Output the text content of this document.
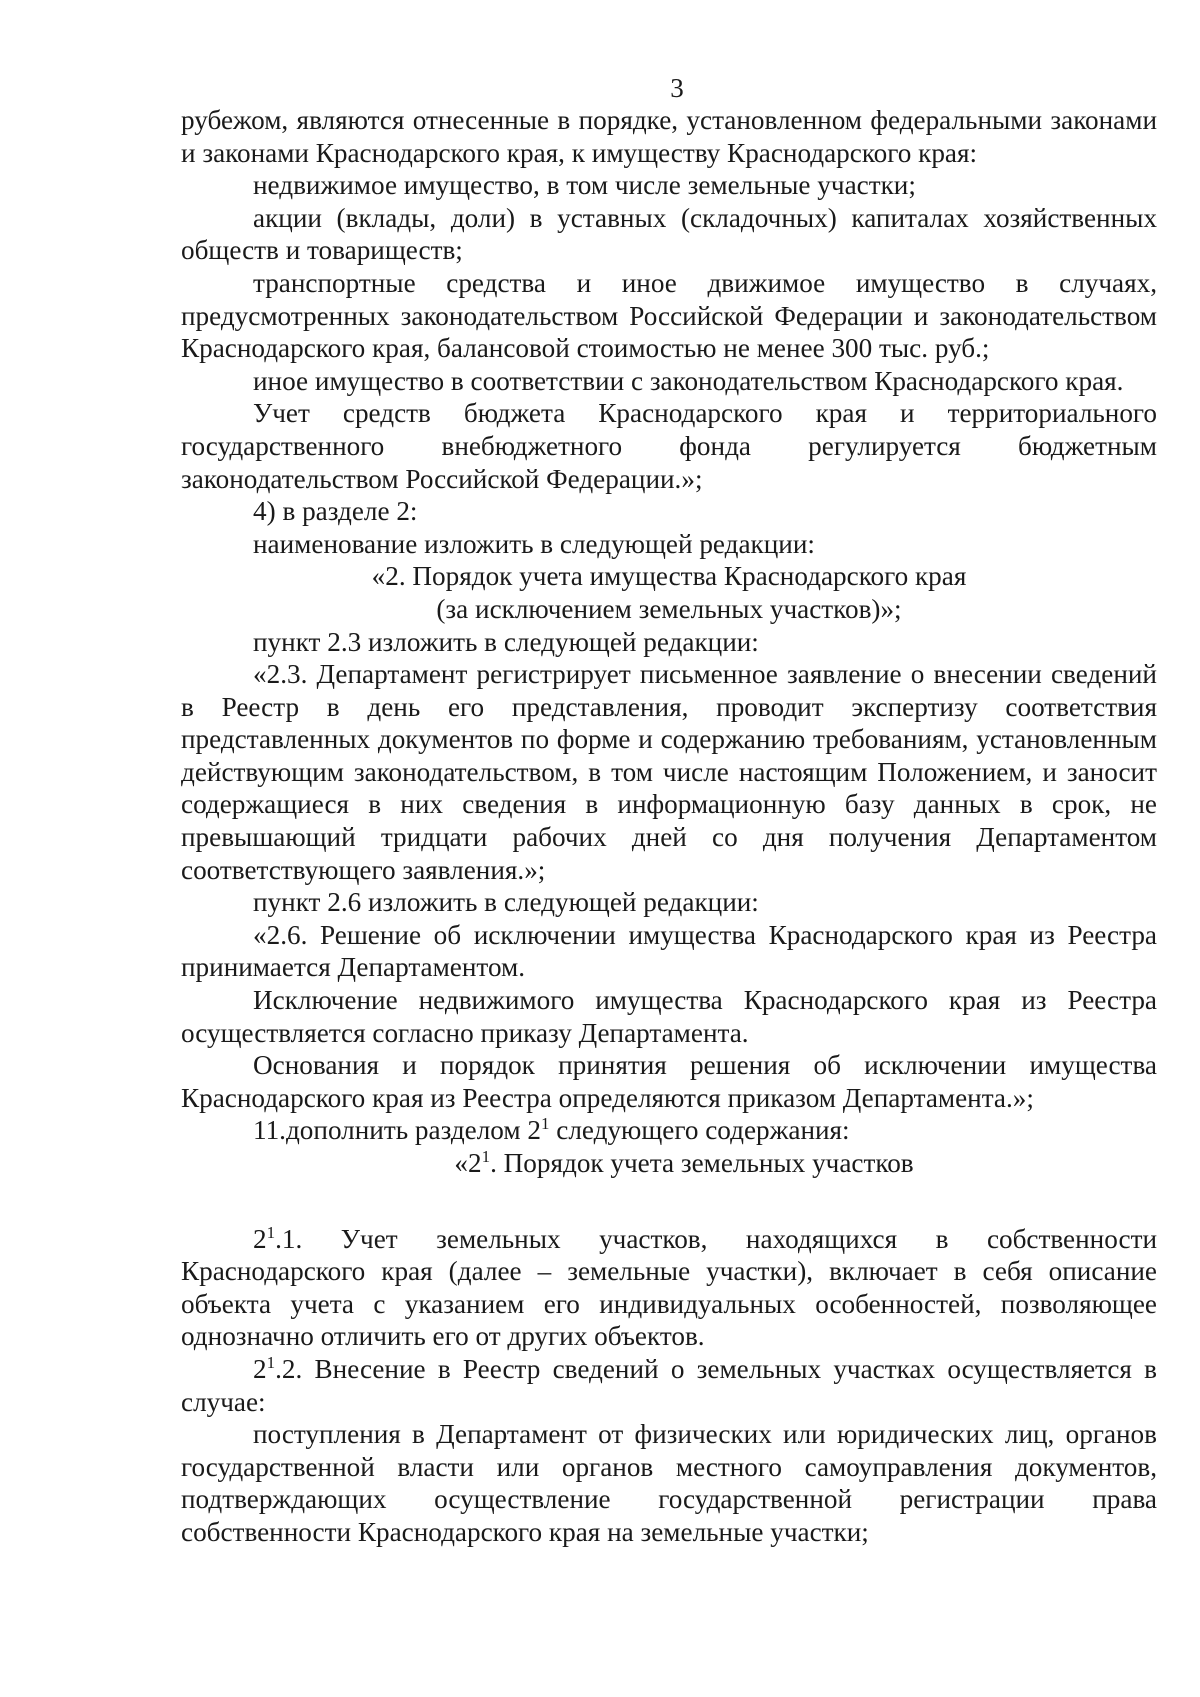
3

рубежом, являются отнесенные в порядке, установленном федеральными законами и законами Краснодарского края, к имуществу Краснодарского края:

недвижимое имущество, в том числе земельные участки;

акции (вклады, доли) в уставных (складочных) капиталах хозяйственных обществ и товариществ;

транспортные средства и иное движимое имущество в случаях, предусмотренных законодательством Российской Федерации и законодательством Краснодарского края, балансовой стоимостью не менее 300 тыс. руб.;

иное имущество в соответствии с законодательством Краснодарского края.

Учет средств бюджета Краснодарского края и территориального государственного внебюджетного фонда регулируется бюджетным законодательством Российской Федерации.»;

4) в разделе 2:

наименование изложить в следующей редакции:

«2. Порядок учета имущества Краснодарского края

(за исключением земельных участков)»;

пункт 2.3 изложить в следующей редакции:

«2.3. Департамент регистрирует письменное заявление о внесении сведений в Реестр в день его представления, проводит экспертизу соответствия представленных документов по форме и содержанию требованиям, установленным действующим законодательством, в том числе настоящим Положением, и заносит содержащиеся в них сведения в информационную базу данных в срок, не превышающий тридцати рабочих дней со дня получения Департаментом соответствующего заявления.»;

пункт 2.6 изложить в следующей редакции:

«2.6. Решение об исключении имущества Краснодарского края из Реестра принимается Департаментом.

Исключение недвижимого имущества Краснодарского края из Реестра осуществляется согласно приказу Департамента.

Основания и порядок принятия решения об исключении имущества Краснодарского края из Реестра определяются приказом Департамента.»;

11.дополнить разделом $2^1$ следующего содержания:

«$2^1$. Порядок учета земельных участков

$2^1.1$. Учет земельных участков, находящихся в собственности Краснодарского края (далее – земельные участки), включает в себя описание объекта учета с указанием его индивидуальных особенностей, позволяющее однозначно отличить его от других объектов.

$2^1.2$. Внесение в Реестр сведений о земельных участках осуществляется в случае:

поступления в Департамент от физических или юридических лиц, органов государственной власти или органов местного самоуправления документов, подтверждающих осуществление государственной регистрации права собственности Краснодарского края на земельные участки;
